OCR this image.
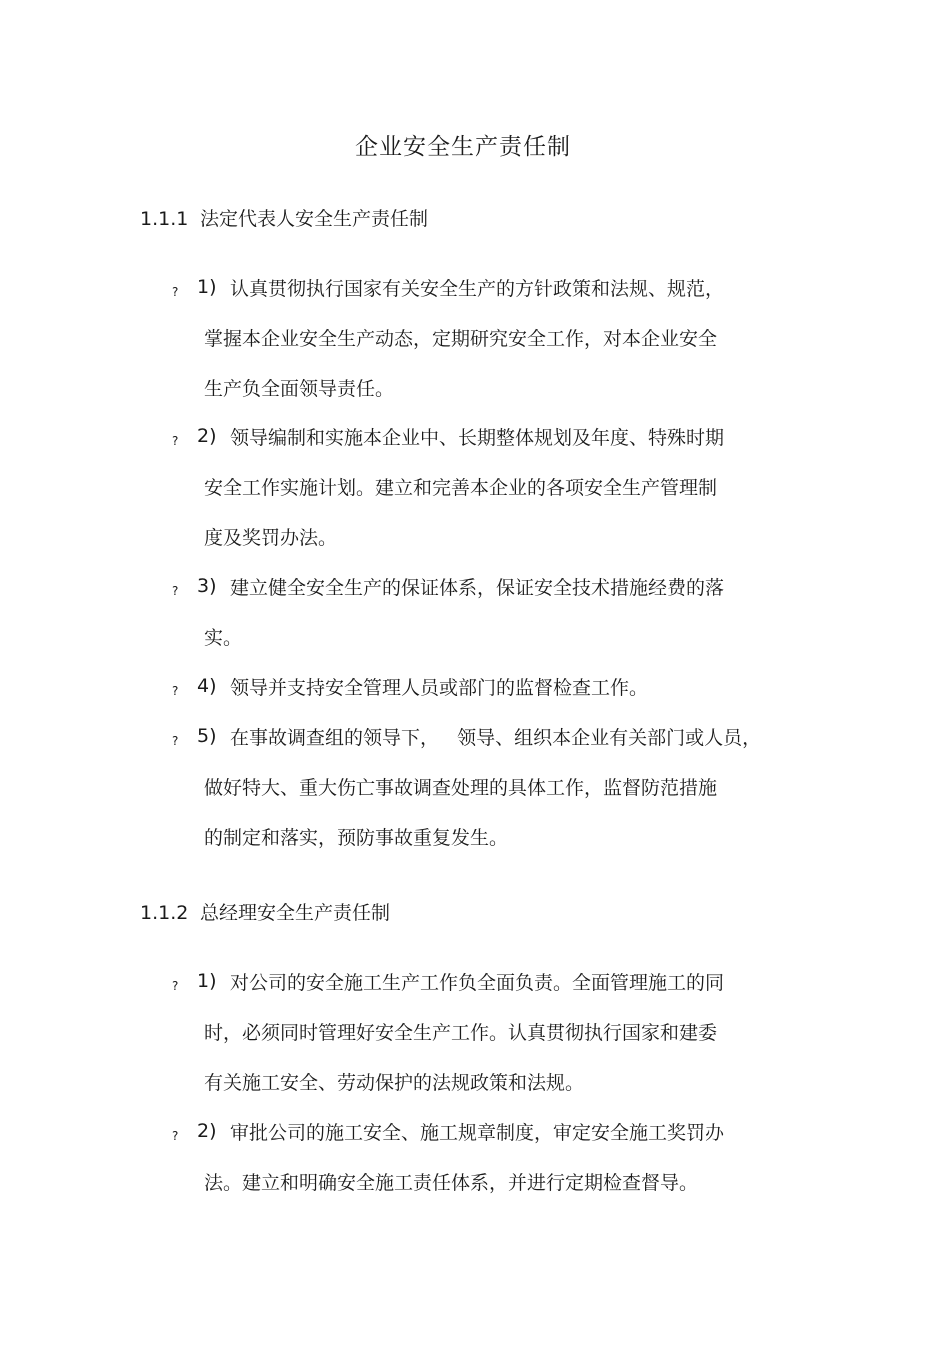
企业安全生产责任制
1.1.1 法定代表人安全生产责任制
? 1) 认真贯彻执行国家有关安全生产的方针政策和法规、规范，
掌握本企业安全生产动态，定期研究安全工作，对本企业安全
生产负全面领导责任。
? 2) 领导编制和实施本企业中、长期整体规划及年度、特殊时期
安全工作实施计划。建立和完善本企业的各项安全生产管理制
度及奖罚办法。
? 3) 建立健全安全生产的保证体系，保证安全技术措施经费的落
实。
? 4) 领导并支持安全管理人员或部门的监督检查工作。
? 5) 在事故调查组的领导下，   领导、组织本企业有关部门或人员，
做好特大、重大伤亡事故调查处理的具体工作，监督防范措施
的制定和落实，预防事故重复发生。
1.1.2 总经理安全生产责任制
? 1) 对公司的安全施工生产工作负全面负责。全面管理施工的同
时，必须同时管理好安全生产工作。认真贯彻执行国家和建委
有关施工安全、劳动保护的法规政策和法规。
? 2) 审批公司的施工安全、施工规章制度，审定安全施工奖罚办
法。建立和明确安全施工责任体系，并进行定期检查督导。
